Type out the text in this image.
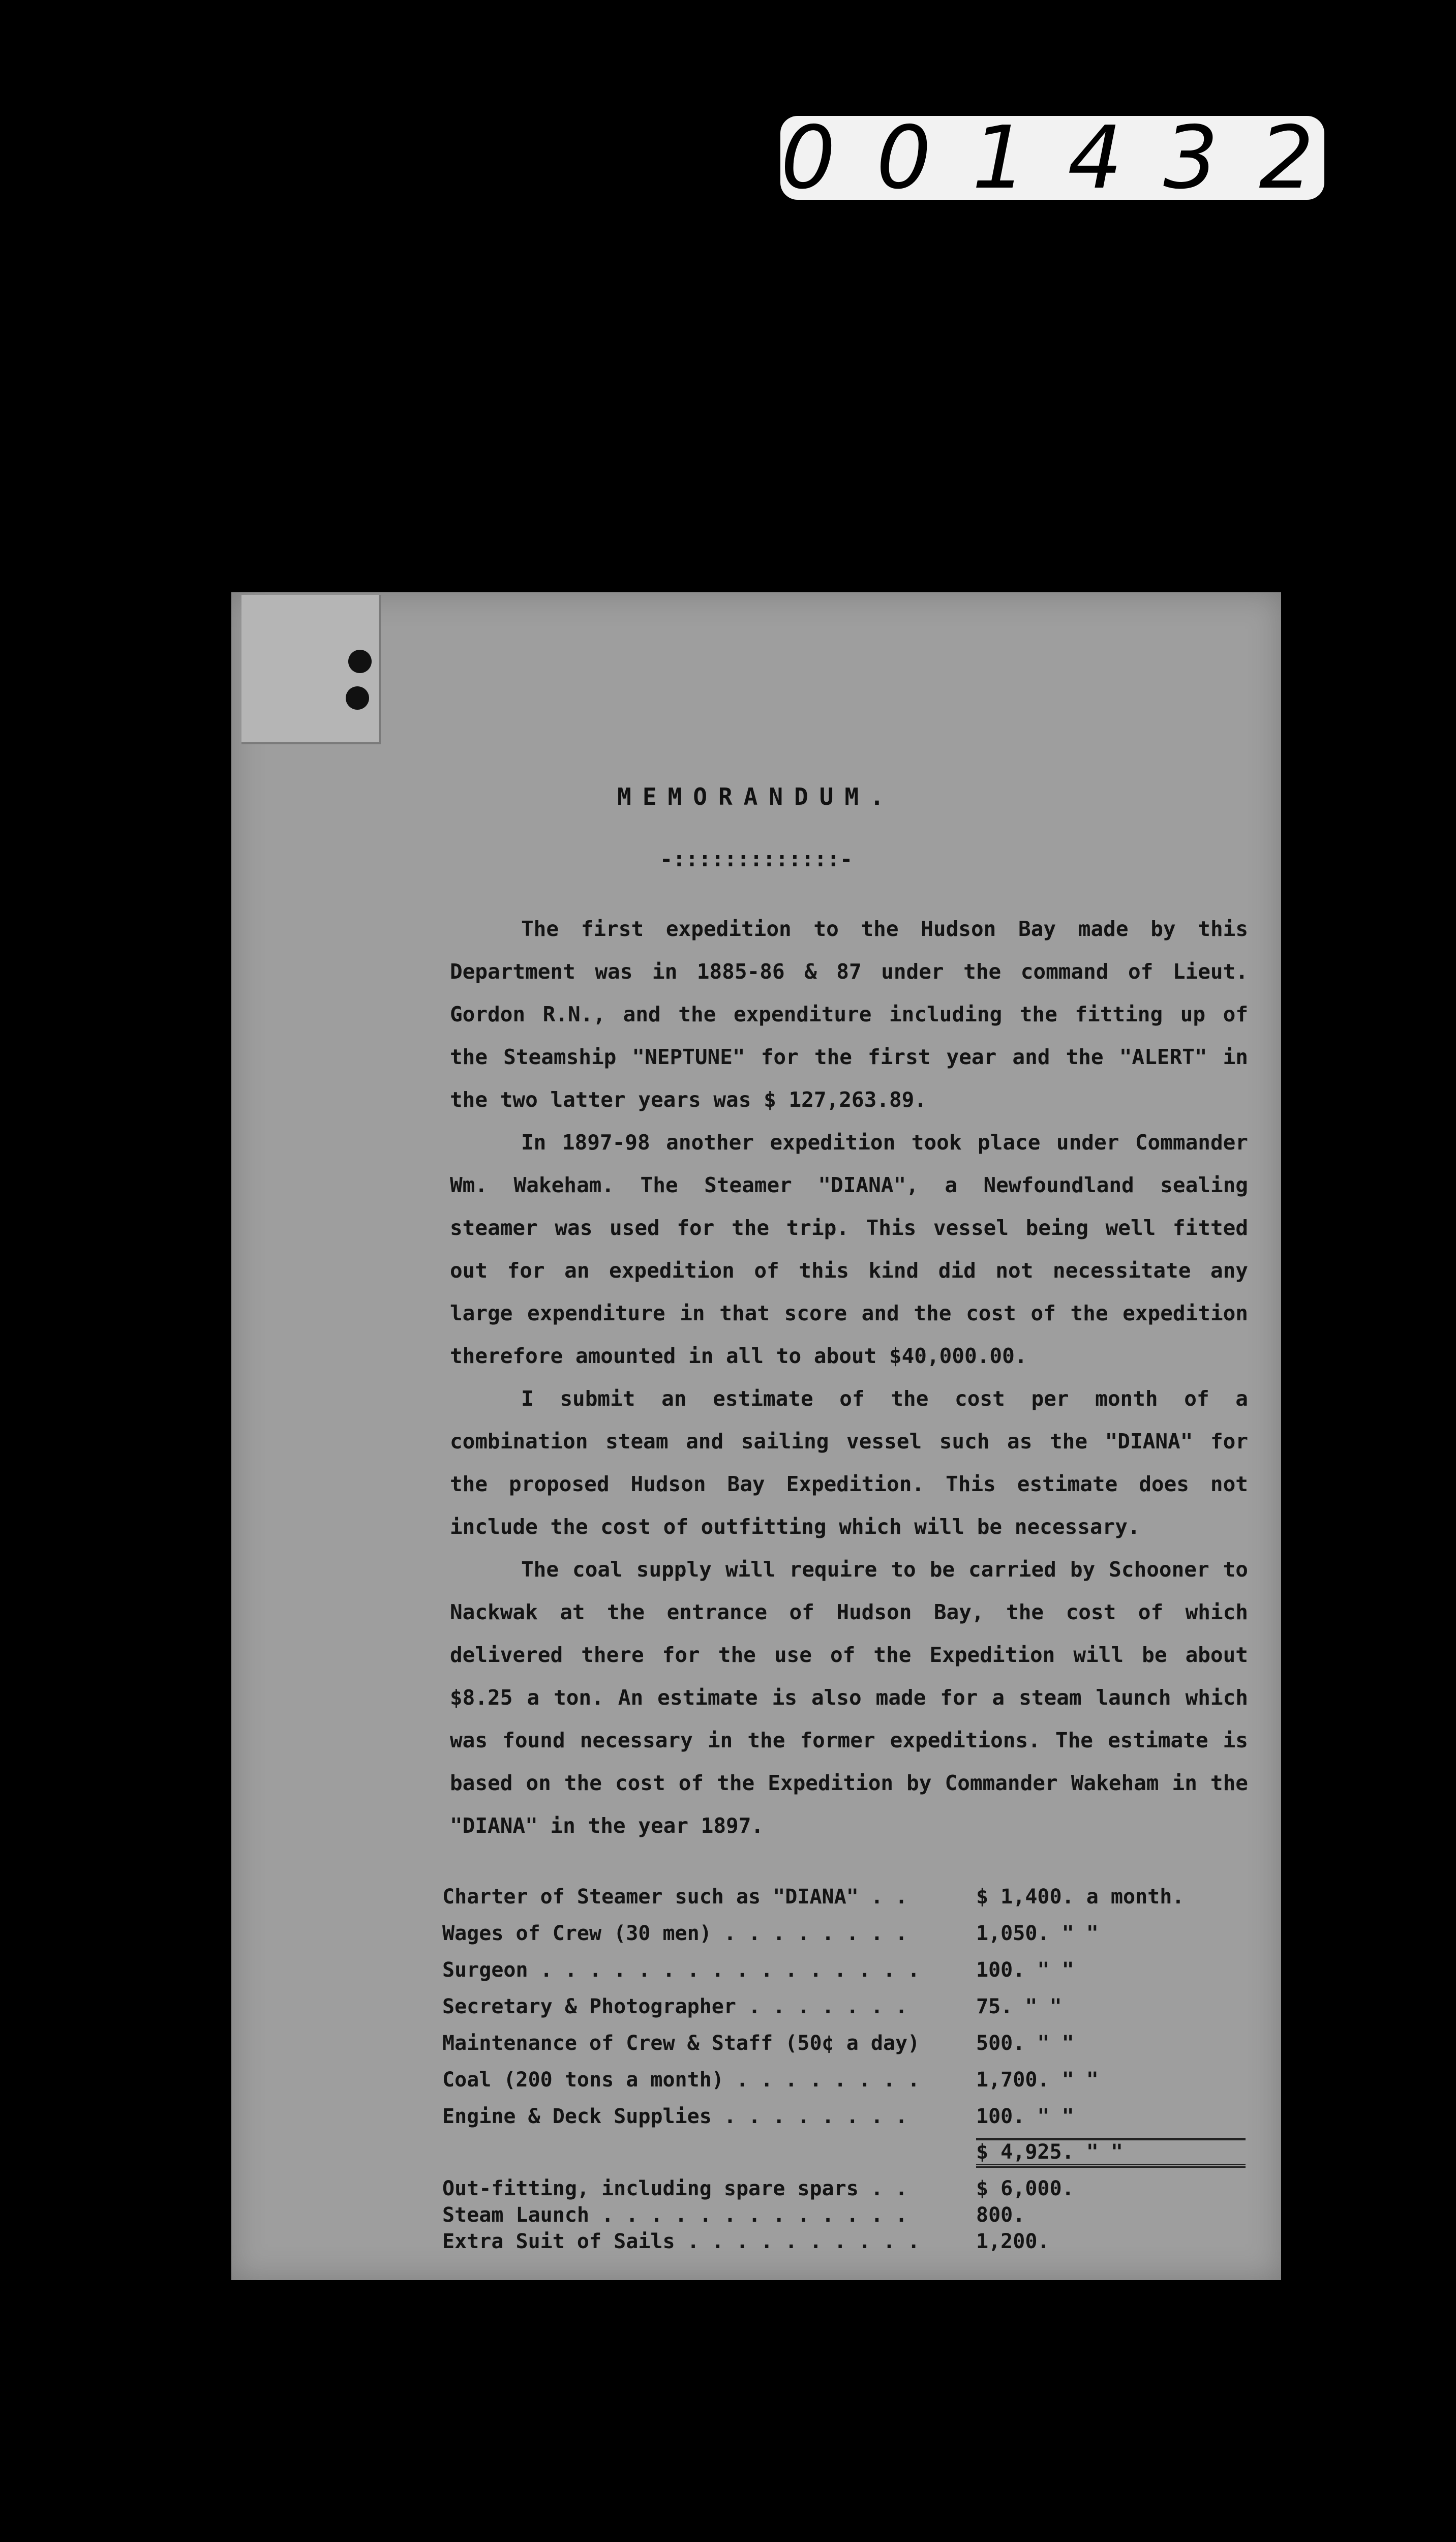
001432
MEMORANDUM.
-:::::::::::::-

The first expedition to the Hudson Bay made by this Department was in 1885-86 & 87 under the command of Lieut. Gordon R.N., and the expenditure including the fitting up of the Steamship "NEPTUNE" for the first year and the "ALERT" in the two latter years was $ 127,263.89.

In 1897-98 another expedition took place under Commander Wm. Wakeham. The Steamer "DIANA", a Newfoundland sealing steamer was used for the trip. This vessel being well fitted out for an expedition of this kind did not necessitate any large expenditure in that score and the cost of the expedition therefore amounted in all to about $40,000.00.

I submit an estimate of the cost per month of a combination steam and sailing vessel such as the "DIANA" for the proposed Hudson Bay Expedition. This estimate does not include the cost of outfitting which will be necessary.

The coal supply will require to be carried by Schooner to Nackwak at the entrance of Hudson Bay, the cost of which delivered there for the use of the Expedition will be about $8.25 a ton. An estimate is also made for a steam launch which was found necessary in the former expeditions. The estimate is based on the cost of the Expedition by Commander Wakeham in the "DIANA" in the year 1897.

Charter of Steamer such as "DIANA" . .	$ 1,400. a month.
Wages of Crew (30 men) . . . . . . . .	1,050. " "
Surgeon . . . . . . . . . . . . . . . .	100. " "
Secretary & Photographer . . . . . . .	75. " "
Maintenance of Crew & Staff (50¢ a day)	500. " "
Coal (200 tons a month) . . . . . . . .	1,700. " "
Engine & Deck Supplies . . . . . . . .	100. " "
$ 4,925. " "
Out-fitting, including spare spars . .	$ 6,000.
Steam Launch . . . . . . . . . . . . .	800.
Extra Suit of Sails . . . . . . . . . .	1,200.
